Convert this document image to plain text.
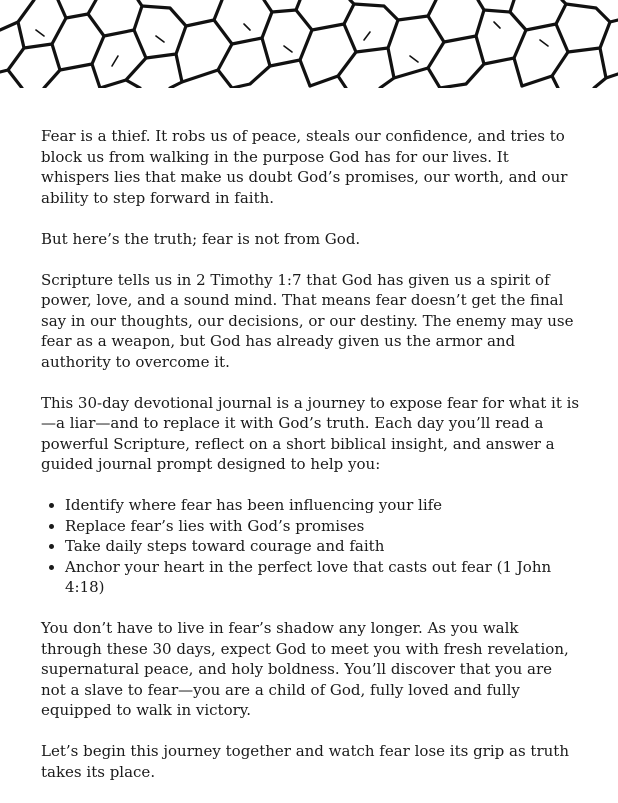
Fear is a thief. It robs us of peace, steals our confidence, and tries to block us from walking in the purpose God has for our lives. It whispers lies that make us doubt God’s promises, our worth, and our ability to step forward in faith.

But here’s the truth; fear is not from God.

Scripture tells us in 2 Timothy 1:7 that God has given us a spirit of power, love, and a sound mind. That means fear doesn’t get the final say in our thoughts, our decisions, or our destiny. The enemy may use fear as a weapon, but God has already given us the armor and authority to overcome it.

This 30-day devotional journal is a journey to expose fear for what it is—a liar—and to replace it with God’s truth. Each day you’ll read a powerful Scripture, reflect on a short biblical insight, and answer a guided journal prompt designed to help you:

• Identify where fear has been influencing your life
• Replace fear’s lies with God’s promises
• Take daily steps toward courage and faith
• Anchor your heart in the perfect love that casts out fear (1 John 4:18)

You don’t have to live in fear’s shadow any longer. As you walk through these 30 days, expect God to meet you with fresh revelation, supernatural peace, and holy boldness. You’ll discover that you are not a slave to fear—you are a child of God, fully loved and fully equipped to walk in victory.

Let’s begin this journey together and watch fear lose its grip as truth takes its place.
